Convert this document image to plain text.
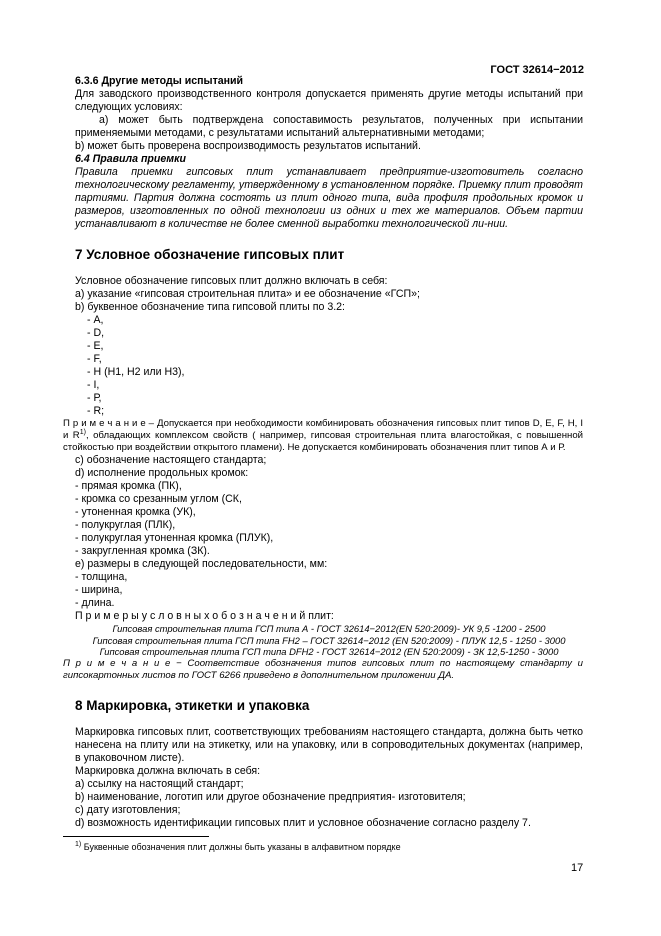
ГОСТ 32614−2012

6.3.6 Другие методы испытаний

Для заводского производственного контроля допускается применять другие методы испытаний при следующих условиях:

a) может быть подтверждена сопоставимость результатов, полученных при испытании применяемыми методами, с результатами испытаний альтернативными методами;

b) может быть проверена воспроизводимость результатов испытаний.

6.4 Правила приемки

Правила приемки гипсовых плит устанавливает предприятие-изготовитель согласно технологическому регламенту, утвержденному в установленном порядке. Приемку плит проводят партиями. Партия должна состоять из плит одного типа, вида профиля продольных кромок и размеров, изготовленных по одной технологии из одних и тех же материалов. Объем партии устанавливают в количестве не более сменной выработки технологической ли-нии.

7 Условное обозначение гипсовых плит

Условное обозначение гипсовых плит должно включать в себя:

a) указание «гипсовая строительная плита» и ее обозначение «ГСП»;

b) буквенное обозначение типа гипсовой плиты по 3.2:

- А,

- D,

- Е,

- F,

- Н (Н1, Н2 или Н3),

- I,

- Р,

- R;

П р и м е ч а н и е – Допускается при необходимости комбинировать обозначения гипсовых плит типов D, E, F, H, I и $R^{1)}$, обладающих комплексом свойств ( например, гипсовая строительная плита влагостойкая, с повышенной стойкостью при воздействии открытого пламени). Не допускается комбинировать обозначения плит типов А и Р.

c) обозначение настоящего стандарта;

d) исполнение продольных кромок:

- прямая кромка (ПК),

- кромка со срезанным углом (СК,

- утоненная кромка (УК),

- полукруглая (ПЛК),

- полукруглая утоненная кромка (ПЛУК),

- закругленная кромка (ЗК).

e) размеры в следующей последовательности, мм:

- толщина,

- ширина,

- длина.

П р и м е р ы у с л о в н ы х о б о з н а ч е н и й плит:

Гипсовая строительная плита ГСП типа А - ГОСТ 32614−2012(EN 520:2009)- УК 9,5 -1200 - 2500

Гипсовая строительная плита ГСП типа FH2 – ГОСТ 32614−2012 (EN 520:2009) - ПЛУК 12,5 - 1250 - 3000

Гипсовая строительная плита ГСП типа DFH2 - ГОСТ 32614−2012 (EN 520:2009) - ЗК 12,5-1250 - 3000

П р и м е ч а н и е − Соответствие обозначения типов гипсовых плит по настоящему стандарту и гипсокартонных листов по ГОСТ 6266 приведено в дополнительном приложении ДА.

8 Маркировка, этикетки и упаковка

Маркировка гипсовых плит, соответствующих требованиям настоящего стандарта, должна быть четко нанесена на плиту или на этикетку, или на упаковку, или в сопроводительных документах (например, в упаковочном листе).

Маркировка должна включать в себя:

a) ссылку на настоящий стандарт;

b) наименование, логотип или другое обозначение предприятия- изготовителя;

c) дату изготовления;

d) возможность идентификации гипсовых плит и условное обозначение согласно разделу 7.

$^{1)}$ Буквенные обозначения плит должны быть указаны в алфавитном порядке
17
